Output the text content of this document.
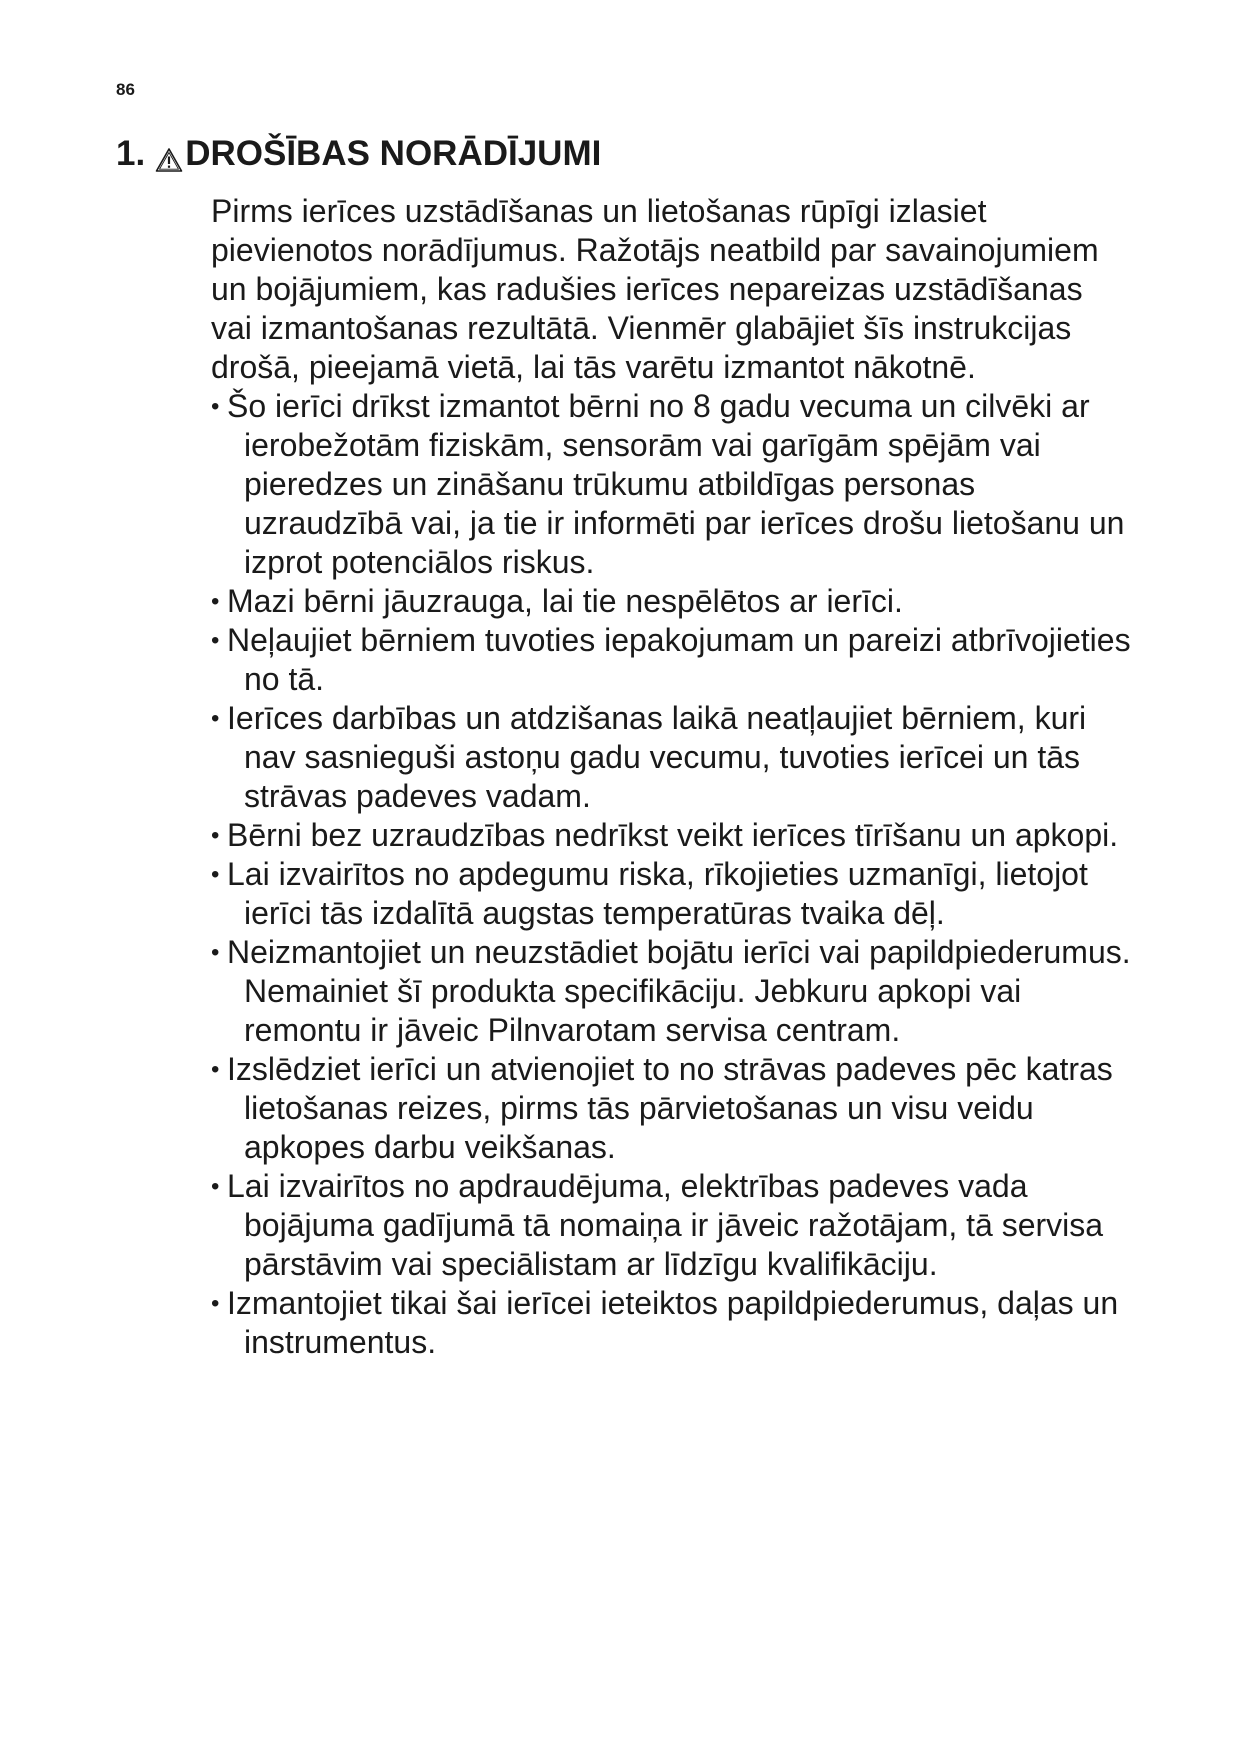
86
1. DROŠĪBAS NORĀDĪJUMI

Pirms ierīces uzstādīšanas un lietošanas rūpīgi izlasiet pievienotos norādījumus. Ražotājs neatbild par savainojumiem un bojājumiem, kas radušies ierīces nepareizas uzstādīšanas vai izmantošanas rezultātā. Vienmēr glabājiet šīs instrukcijas drošā, pieejamā vietā, lai tās varētu izmantot nākotnē.

• Šo ierīci drīkst izmantot bērni no 8 gadu vecuma un cilvēki ar ierobežotām fiziskām, sensorām vai garīgām spējām vai pieredzes un zināšanu trūkumu atbildīgas personas uzraudzībā vai, ja tie ir informēti par ierīces drošu lietošanu un izprot potenciālos riskus.
• Mazi bērni jāuzrauga, lai tie nespēlētos ar ierīci.
• Neļaujiet bērniem tuvoties iepakojumam un pareizi atbrīvojieties no tā.
• Ierīces darbības un atdzišanas laikā neatļaujiet bērniem, kuri nav sasnieguši astoņu gadu vecumu, tuvoties ierīcei un tās strāvas padeves vadam.
• Bērni bez uzraudzības nedrīkst veikt ierīces tīrīšanu un apkopi.
• Lai izvairītos no apdegumu riska, rīkojieties uzmanīgi, lietojot ierīci tās izdalītā augstas temperatūras tvaika dēļ.
• Neizmantojiet un neuzstādiet bojātu ierīci vai papildpiederumus. Nemainiet šī produkta specifikāciju. Jebkuru apkopi vai remontu ir jāveic Pilnvarotam servisa centram.
• Izslēdziet ierīci un atvienojiet to no strāvas padeves pēc katras lietošanas reizes, pirms tās pārvietošanas un visu veidu apkopes darbu veikšanas.
• Lai izvairītos no apdraudējuma, elektrības padeves vada bojājuma gadījumā tā nomaiņa ir jāveic ražotājam, tā servisa pārstāvim vai speciālistam ar līdzīgu kvalifikāciju.
• Izmantojiet tikai šai ierīcei ieteiktos papildpiederumus, daļas un instrumentus.
